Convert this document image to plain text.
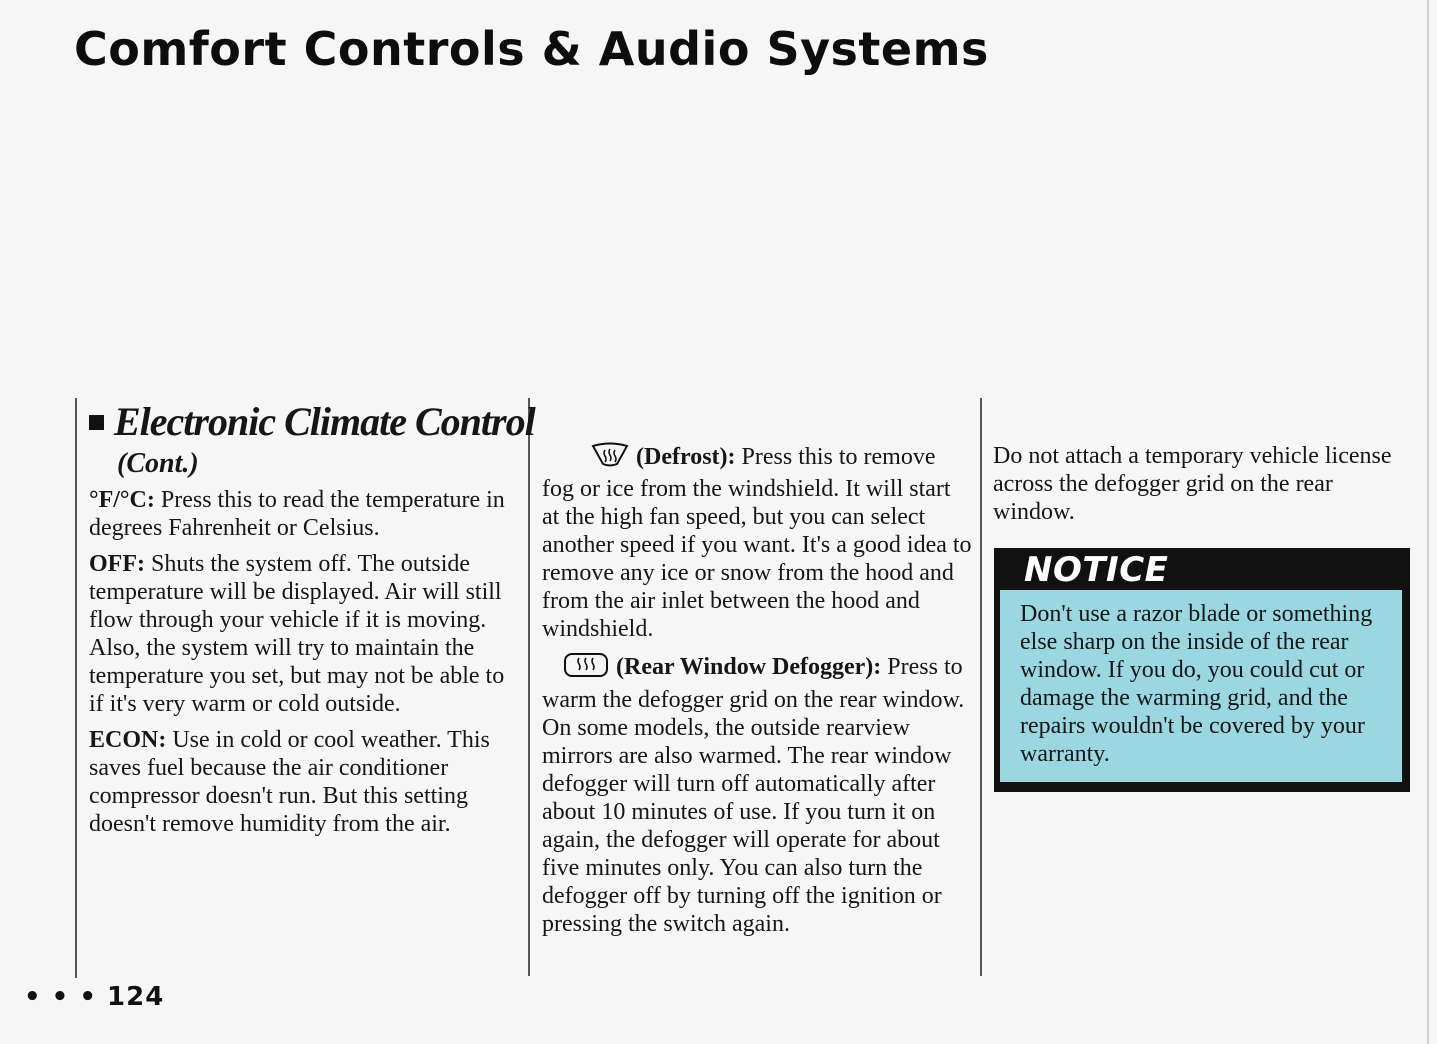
Comfort Controls & Audio Systems
Electronic Climate Control
(Cont.)

°F/°C: Press this to read the temperature in degrees Fahrenheit or Celsius.

OFF: Shuts the system off. The outside temperature will be displayed. Air will still flow through your vehicle if it is moving. Also, the system will try to maintain the temperature you set, but may not be able to if it's very warm or cold outside.

ECON: Use in cold or cool weather. This saves fuel because the air conditioner compressor doesn't run. But this setting doesn't remove humidity from the air.

(Defrost): Press this to remove fog or ice from the windshield. It will start at the high fan speed, but you can select another speed if you want. It's a good idea to remove any ice or snow from the hood and from the air inlet between the hood and windshield.

(Rear Window Defogger): Press to warm the defogger grid on the rear window. On some models, the outside rearview mirrors are also warmed. The rear window defogger will turn off automatically after about 10 minutes of use. If you turn it on again, the defogger will operate for about five minutes only. You can also turn the defogger off by turning off the ignition or pressing the switch again.

Do not attach a temporary vehicle license across the defogger grid on the rear window.

NOTICE
Don't use a razor blade or something else sharp on the inside of the rear window. If you do, you could cut or damage the warming grid, and the repairs wouldn't be covered by your warranty.
• • • 124
